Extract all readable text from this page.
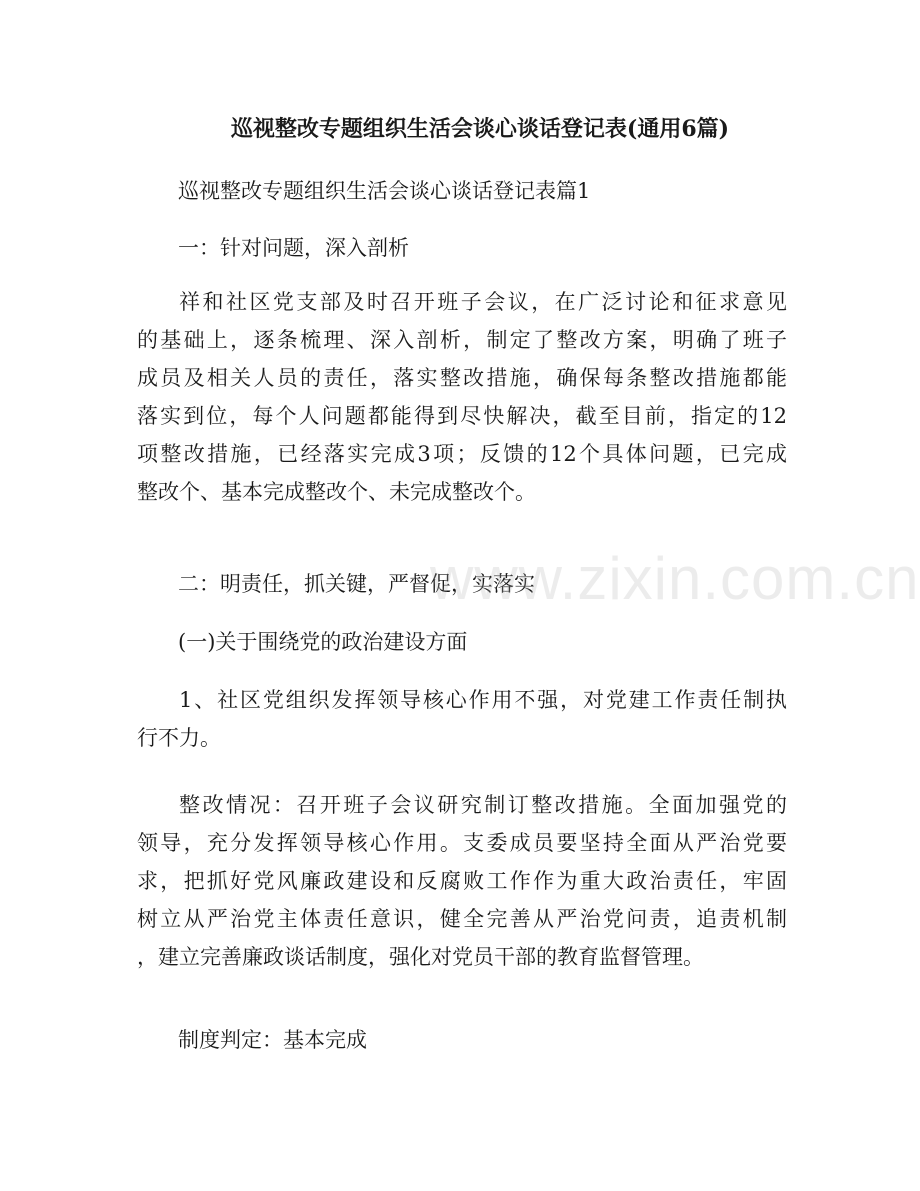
巡视整改专题组织生活会谈心谈话登记表(通用6篇)
巡视整改专题组织生活会谈心谈话登记表篇1
一：针对问题，深入剖析
祥和社区党支部及时召开班子会议，在广泛讨论和征求意见
的基础上，逐条梳理、深入剖析，制定了整改方案，明确了班子
成员及相关人员的责任，落实整改措施，确保每条整改措施都能
落实到位，每个人问题都能得到尽快解决，截至目前，指定的12
项整改措施，已经落实完成3项；反馈的12个具体问题，已完成
整改个、基本完成整改个、未完成整改个。
二：明责任，抓关键，严督促，实落实
(一)关于围绕党的政治建设方面
1、社区党组织发挥领导核心作用不强，对党建工作责任制执
行不力。
整改情况：召开班子会议研究制订整改措施。全面加强党的
领导，充分发挥领导核心作用。支委成员要坚持全面从严治党要
求，把抓好党风廉政建设和反腐败工作作为重大政治责任，牢固
树立从严治党主体责任意识，健全完善从严治党问责，追责机制
，建立完善廉政谈话制度，强化对党员干部的教育监督管理。
制度判定：基本完成
www.zixin.com.cn
